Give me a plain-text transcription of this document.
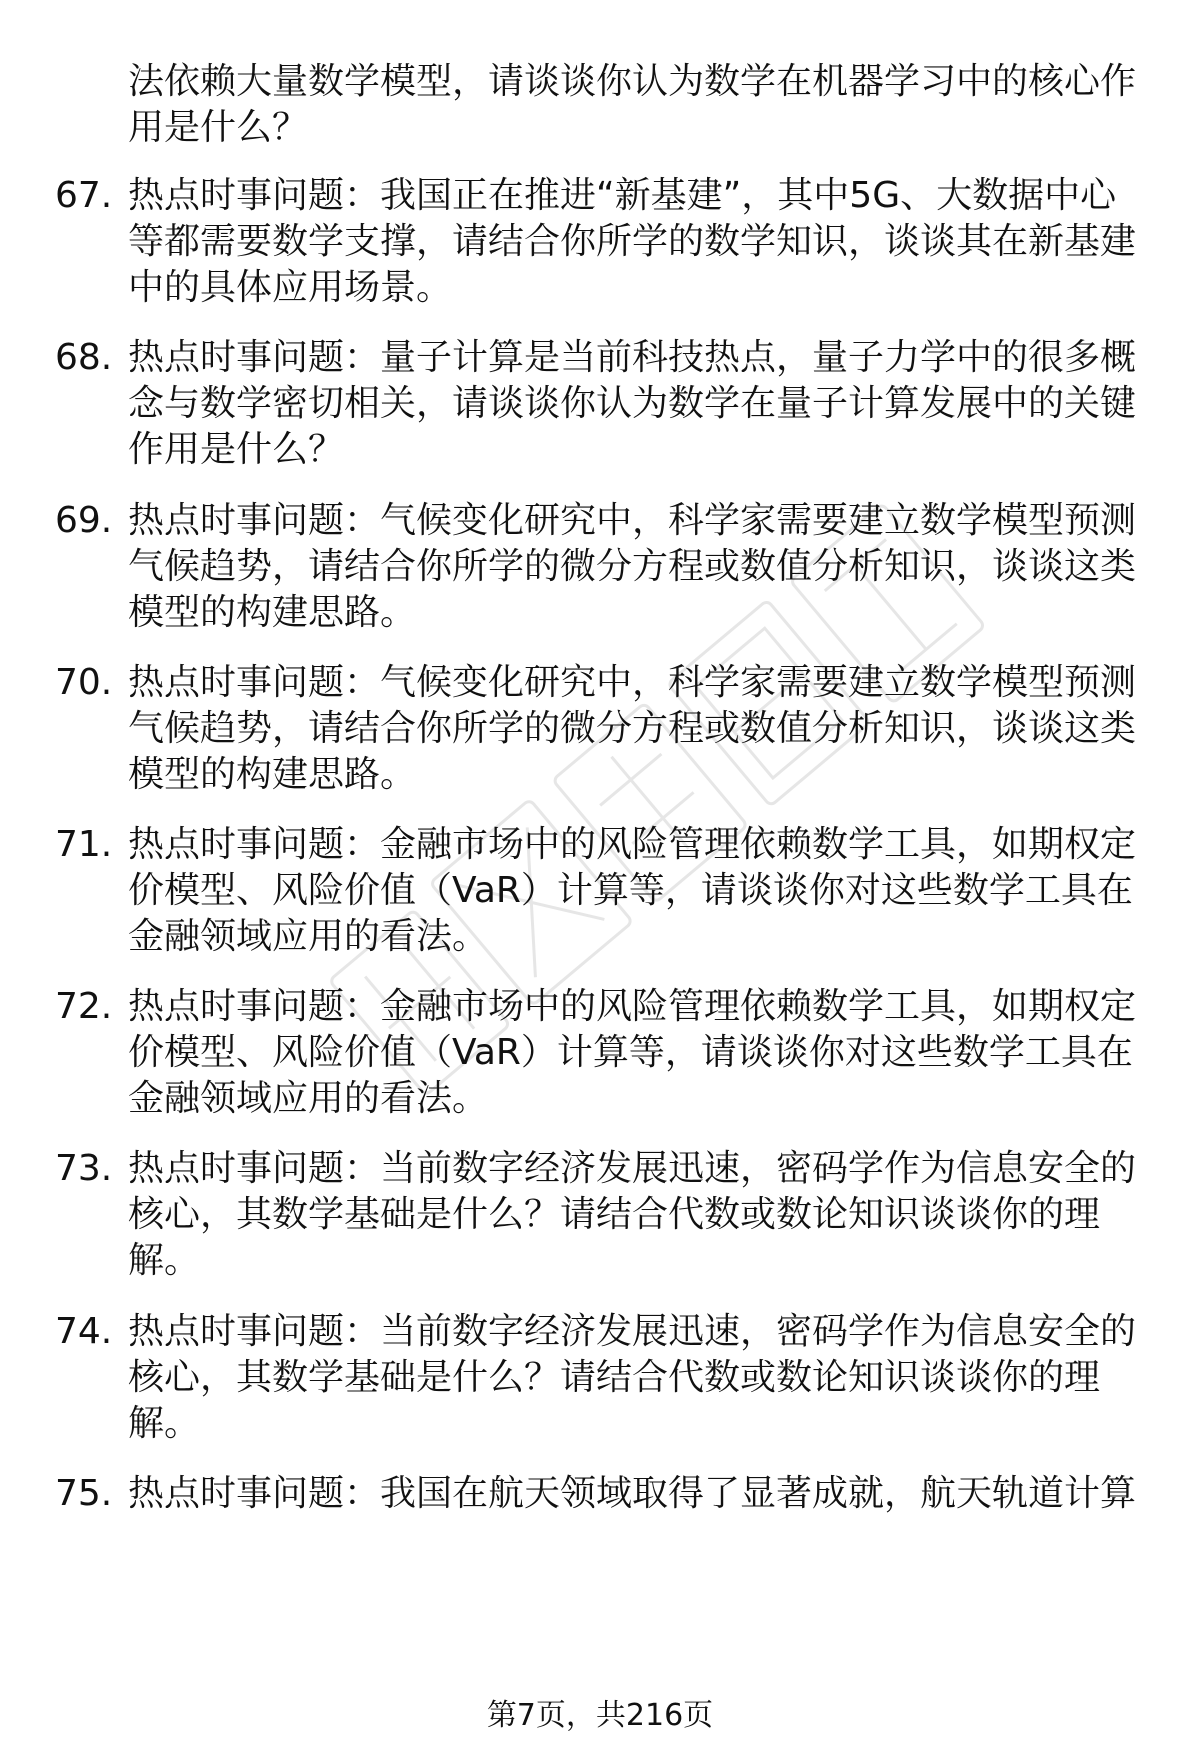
法依赖大量数学模型，请谈谈你认为数学在机器学习中的核心作
用是什么？
67. 热点时事问题：我国正在推进“新基建”，其中5G、大数据中心
等都需要数学支撑，请结合你所学的数学知识，谈谈其在新基建
中的具体应用场景。
68. 热点时事问题：量子计算是当前科技热点，量子力学中的很多概
念与数学密切相关，请谈谈你认为数学在量子计算发展中的关键
作用是什么？
69. 热点时事问题：气候变化研究中，科学家需要建立数学模型预测
气候趋势，请结合你所学的微分方程或数值分析知识，谈谈这类
模型的构建思路。
70. 热点时事问题：气候变化研究中，科学家需要建立数学模型预测
气候趋势，请结合你所学的微分方程或数值分析知识，谈谈这类
模型的构建思路。
71. 热点时事问题：金融市场中的风险管理依赖数学工具，如期权定
价模型、风险价值（VaR）计算等，请谈谈你对这些数学工具在
金融领域应用的看法。
72. 热点时事问题：金融市场中的风险管理依赖数学工具，如期权定
价模型、风险价值（VaR）计算等，请谈谈你对这些数学工具在
金融领域应用的看法。
73. 热点时事问题：当前数字经济发展迅速，密码学作为信息安全的
核心，其数学基础是什么？请结合代数或数论知识谈谈你的理
解。
74. 热点时事问题：当前数字经济发展迅速，密码学作为信息安全的
核心，其数学基础是什么？请结合代数或数论知识谈谈你的理
解。
75. 热点时事问题：我国在航天领域取得了显著成就，航天轨道计算
第7页，共216页
